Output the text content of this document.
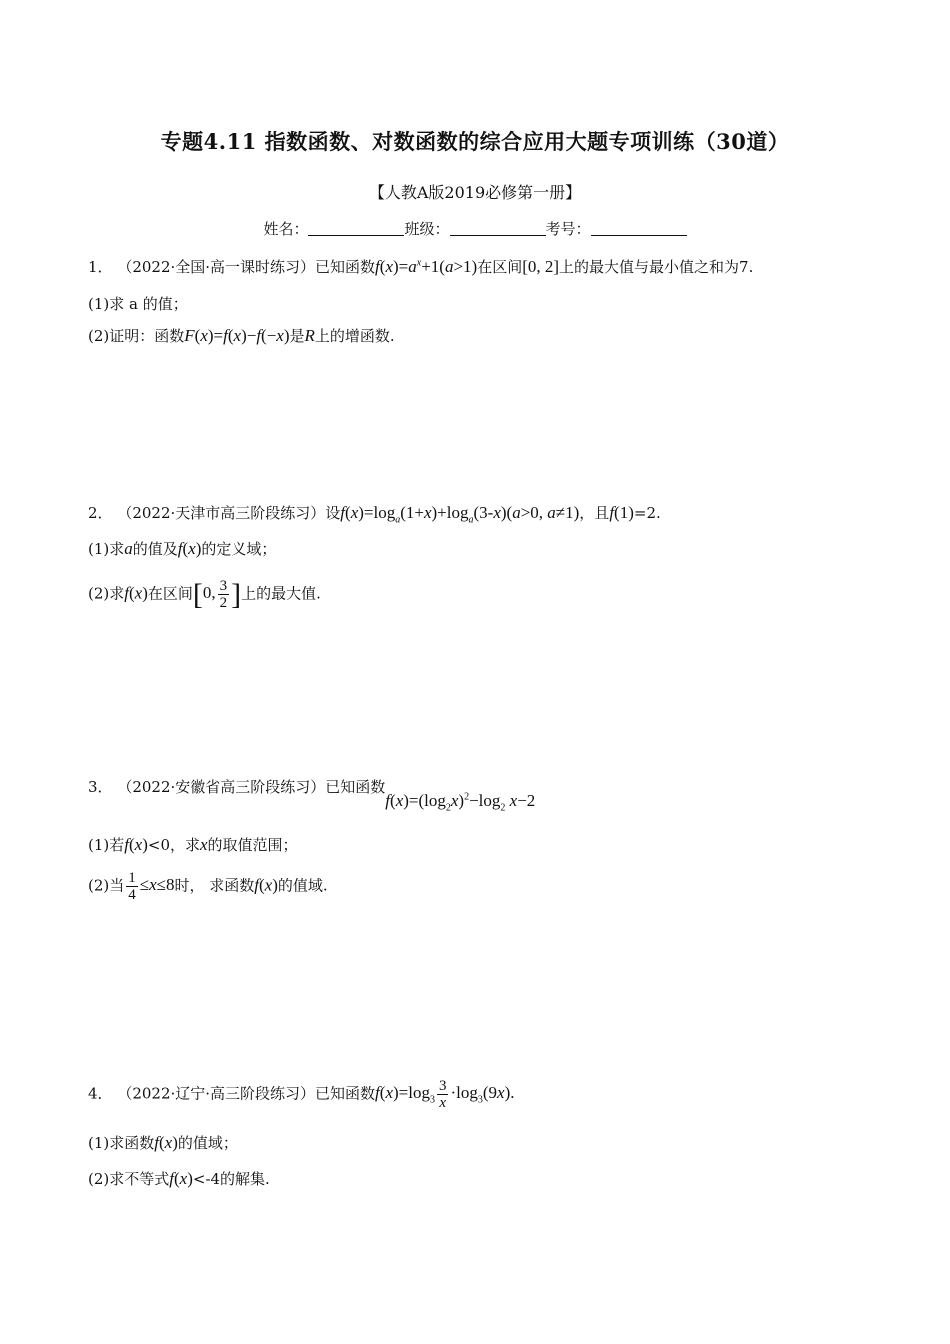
专题4.11 指数函数、对数函数的综合应用大题专项训练（30道）
【人教A版2019必修第一册】
姓名：	班级：	考号：
1． （2022·全国·高一课时练习）已知函数$f(x)=a^x+1(a>1)$在区间[0, 2]上的最大值与最小值之和为7.
(1)求 a 的值；
(2)证明：函数F(x)=f(x)−f(−x)是R上的增函数.
2． （2022·天津市高三阶段练习）设$f(x)=\log_a(1+x)+\log_a(3-x)(a>0$, a≠1)，且f(1)=2.
(1)求a的值及f(x)的定义域；
(2)求f(x)在区间[0, $\frac{3}{2}$ ]上的最大值.
3． （2022·安徽省高三阶段练习）已知函数$f(x)=(\log_2x)^2-\log_2$ x−2
(1)若f(x)<0，求x的取值范围；
(2)当 $\frac{1}{4} \le x\le 8$时， 求函数f(x)的值域.
4． （2022·辽宁·高三阶段练习）已知函数$f(x)=\log_3 \frac{3}{x} \cdot\log_3(9x)$.
(1)求函数f(x)的值域；
(2)求不等式f(x)<-4的解集.
